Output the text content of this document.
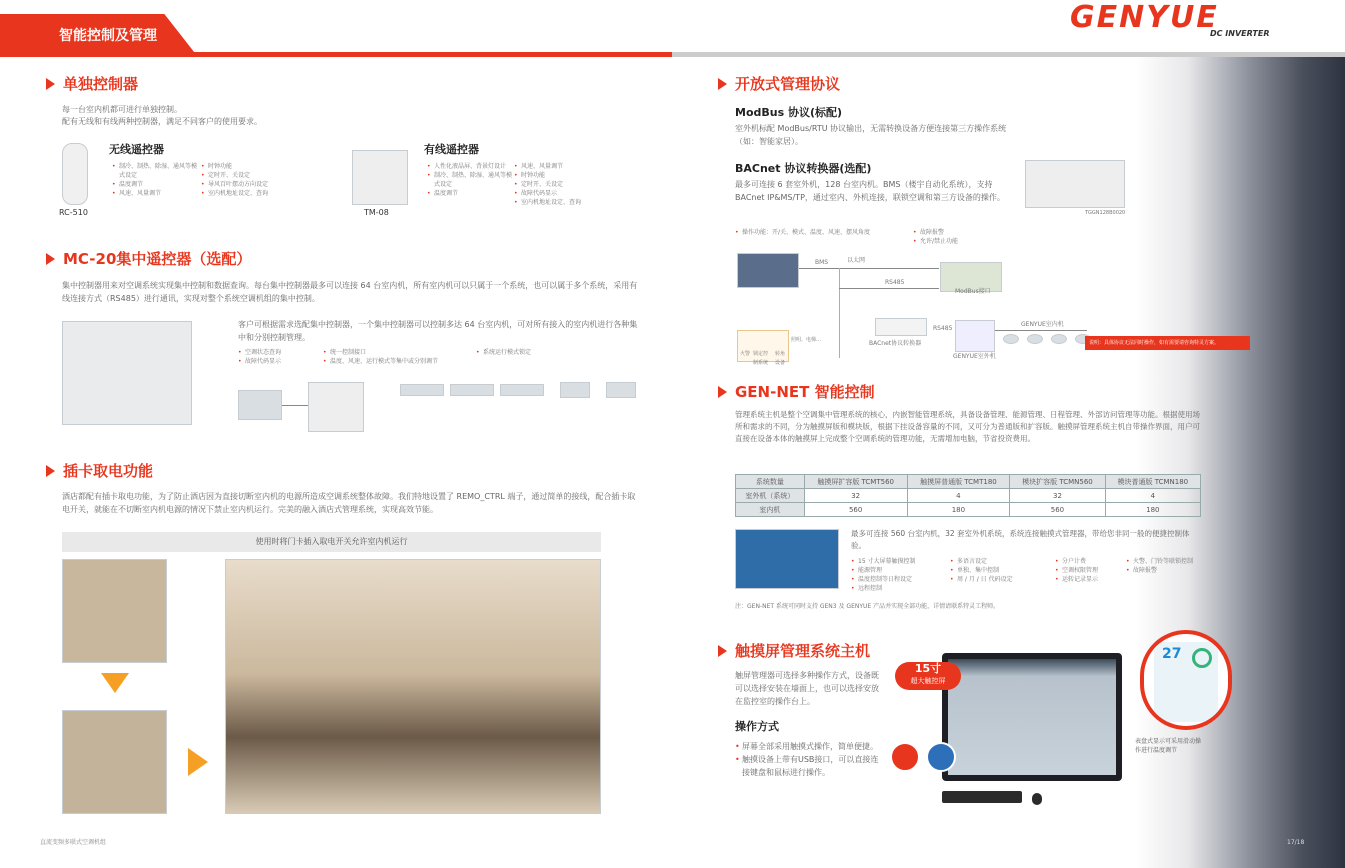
智能控制及管理
GENYUE
DC INVERTER
单独控制器
每一台室内机都可进行单独控制。
配有无线和有线两种控制器，满足不同客户的使用要求。
RC-510
无线遥控器
• 制冷、制热、除湿、通风等模式设定
• 温度调节
• 风速、风量调节
• 时钟功能
• 定时开、关设定
• 导风百叶摆动方向设定
• 室内机地址设定、查询
TM-08
有线遥控器
• 人性化液晶屏、背景灯设计
• 制冷、制热、除湿、通风等模式设定
• 温度调节
• 风速、风量调节
• 时钟功能
• 定时开、关设定
• 故障代码显示
• 室内机地址设定、查询
MC-20集中遥控器（选配）
集中控制器用来对空调系统实现集中控制和数据查询。每台集中控制器最多可以连接 64 台室内机，所有室内机可以只属于一个系统，也可以属于多个系统，采用有线连接方式（RS485）进行通讯，实现对整个系统空调机组的集中控制。
客户可根据需求选配集中控制器，一个集中控制器可以控制多达 64 台室内机，可对所有接入的室内机进行各种集中和分别控制管理。
• 空调状态查询
• 故障代码显示
• 统一控制接口
• 温度、风速、运行模式等集中或分别调节
• 系统运行模式锁定
插卡取电功能
酒店都配有插卡取电功能，为了防止酒店因为直接切断室内机的电源所造成空调系统整体故障。我们特地设置了 REMO_CTRL 端子，通过简单的接线，配合插卡取电开关，就能在不切断室内机电源的情况下禁止室内机运行。完美的融入酒店式管理系统，实现高效节能。
使用时将门卡插入取电开关允许室内机运行
开放式管理协议
ModBus 协议(标配)
室外机标配 ModBus/RTU 协议输出，无需转换设备方便连接第三方操作系统（如：智能家居）。
BACnet 协议转换器(选配)
最多可连接 6 套室外机，128 台室内机。BMS（楼宇自动化系统），支持 BACnet IP&MS/TP，通过室内、外机连接，联锁空调和第三方设备的操作。
TGGN128B0020
• 操作功能：开/关、模式、温度、风速、摆风角度	• 故障报警
• 允许/禁止功能
BMS	以太网
RS485
ModBus接口
火警 锁定控制系统
转角设备
照明、电梯…	BACnet协议转换器
RS485
GENYUE室外机
GENYUE室内机
说明：具体协议无法同时操作，如有需要请咨询特灵方案。
GEN-NET 智能控制
管理系统主机是整个空调集中管理系统的核心，内嵌智能管理系统，具备设备管理、能源管理、日程管理、外部访问管理等功能。根据使用场所和需求的不同，分为触摸屏版和模块版，根据下挂设备容量的不同，又可分为普通版和扩容版。触摸屏管理系统主机自带操作界面，用户可直接在设备本体的触摸屏上完成整个空调系统的管理功能，无需增加电脑，节省投资费用。
系统数量	触摸屏扩容版 TCMT560	触摸屏普通版 TCMT180	模块扩容版 TCMN560	模块普通版 TCMN180
室外机（系统）	32	4	32	4
室内机	560	180	560	180
最多可连接 560 台室内机，32 套室外机系统，系统连接触摸式管理器，带给您非同一般的便捷控制体验。
• 15 寸大屏幕触摸控制
• 能源管理
• 温度控制等日程设定
• 远程控制
• 多语言设定
• 单独、集中控制
• 周 / 月 / 日 代码设定
• 分户计费
• 空调权限管理
• 运转记录显示
• 火警、门铃等联锁控制
• 故障报警
注：GEN-NET 系统可同时支持 GEN3 及 GENYUE 产品并实现全部功能，详情请联系特灵工程师。
触摸屏管理系统主机
触屏管理器可选择多种操作方式，设备既可以选择安装在墙面上，也可以选择安放在监控室的操作台上。
操作方式
• 屏幕全部采用触摸式操作，简单便捷。
• 触摸设备上带有USB接口，可以直接连接键盘和鼠标进行操作。
15寸
超大触控屏
27
表盘式显示可采用滑动操作进行温度调节
直流变频多联式空调机组	17/18
